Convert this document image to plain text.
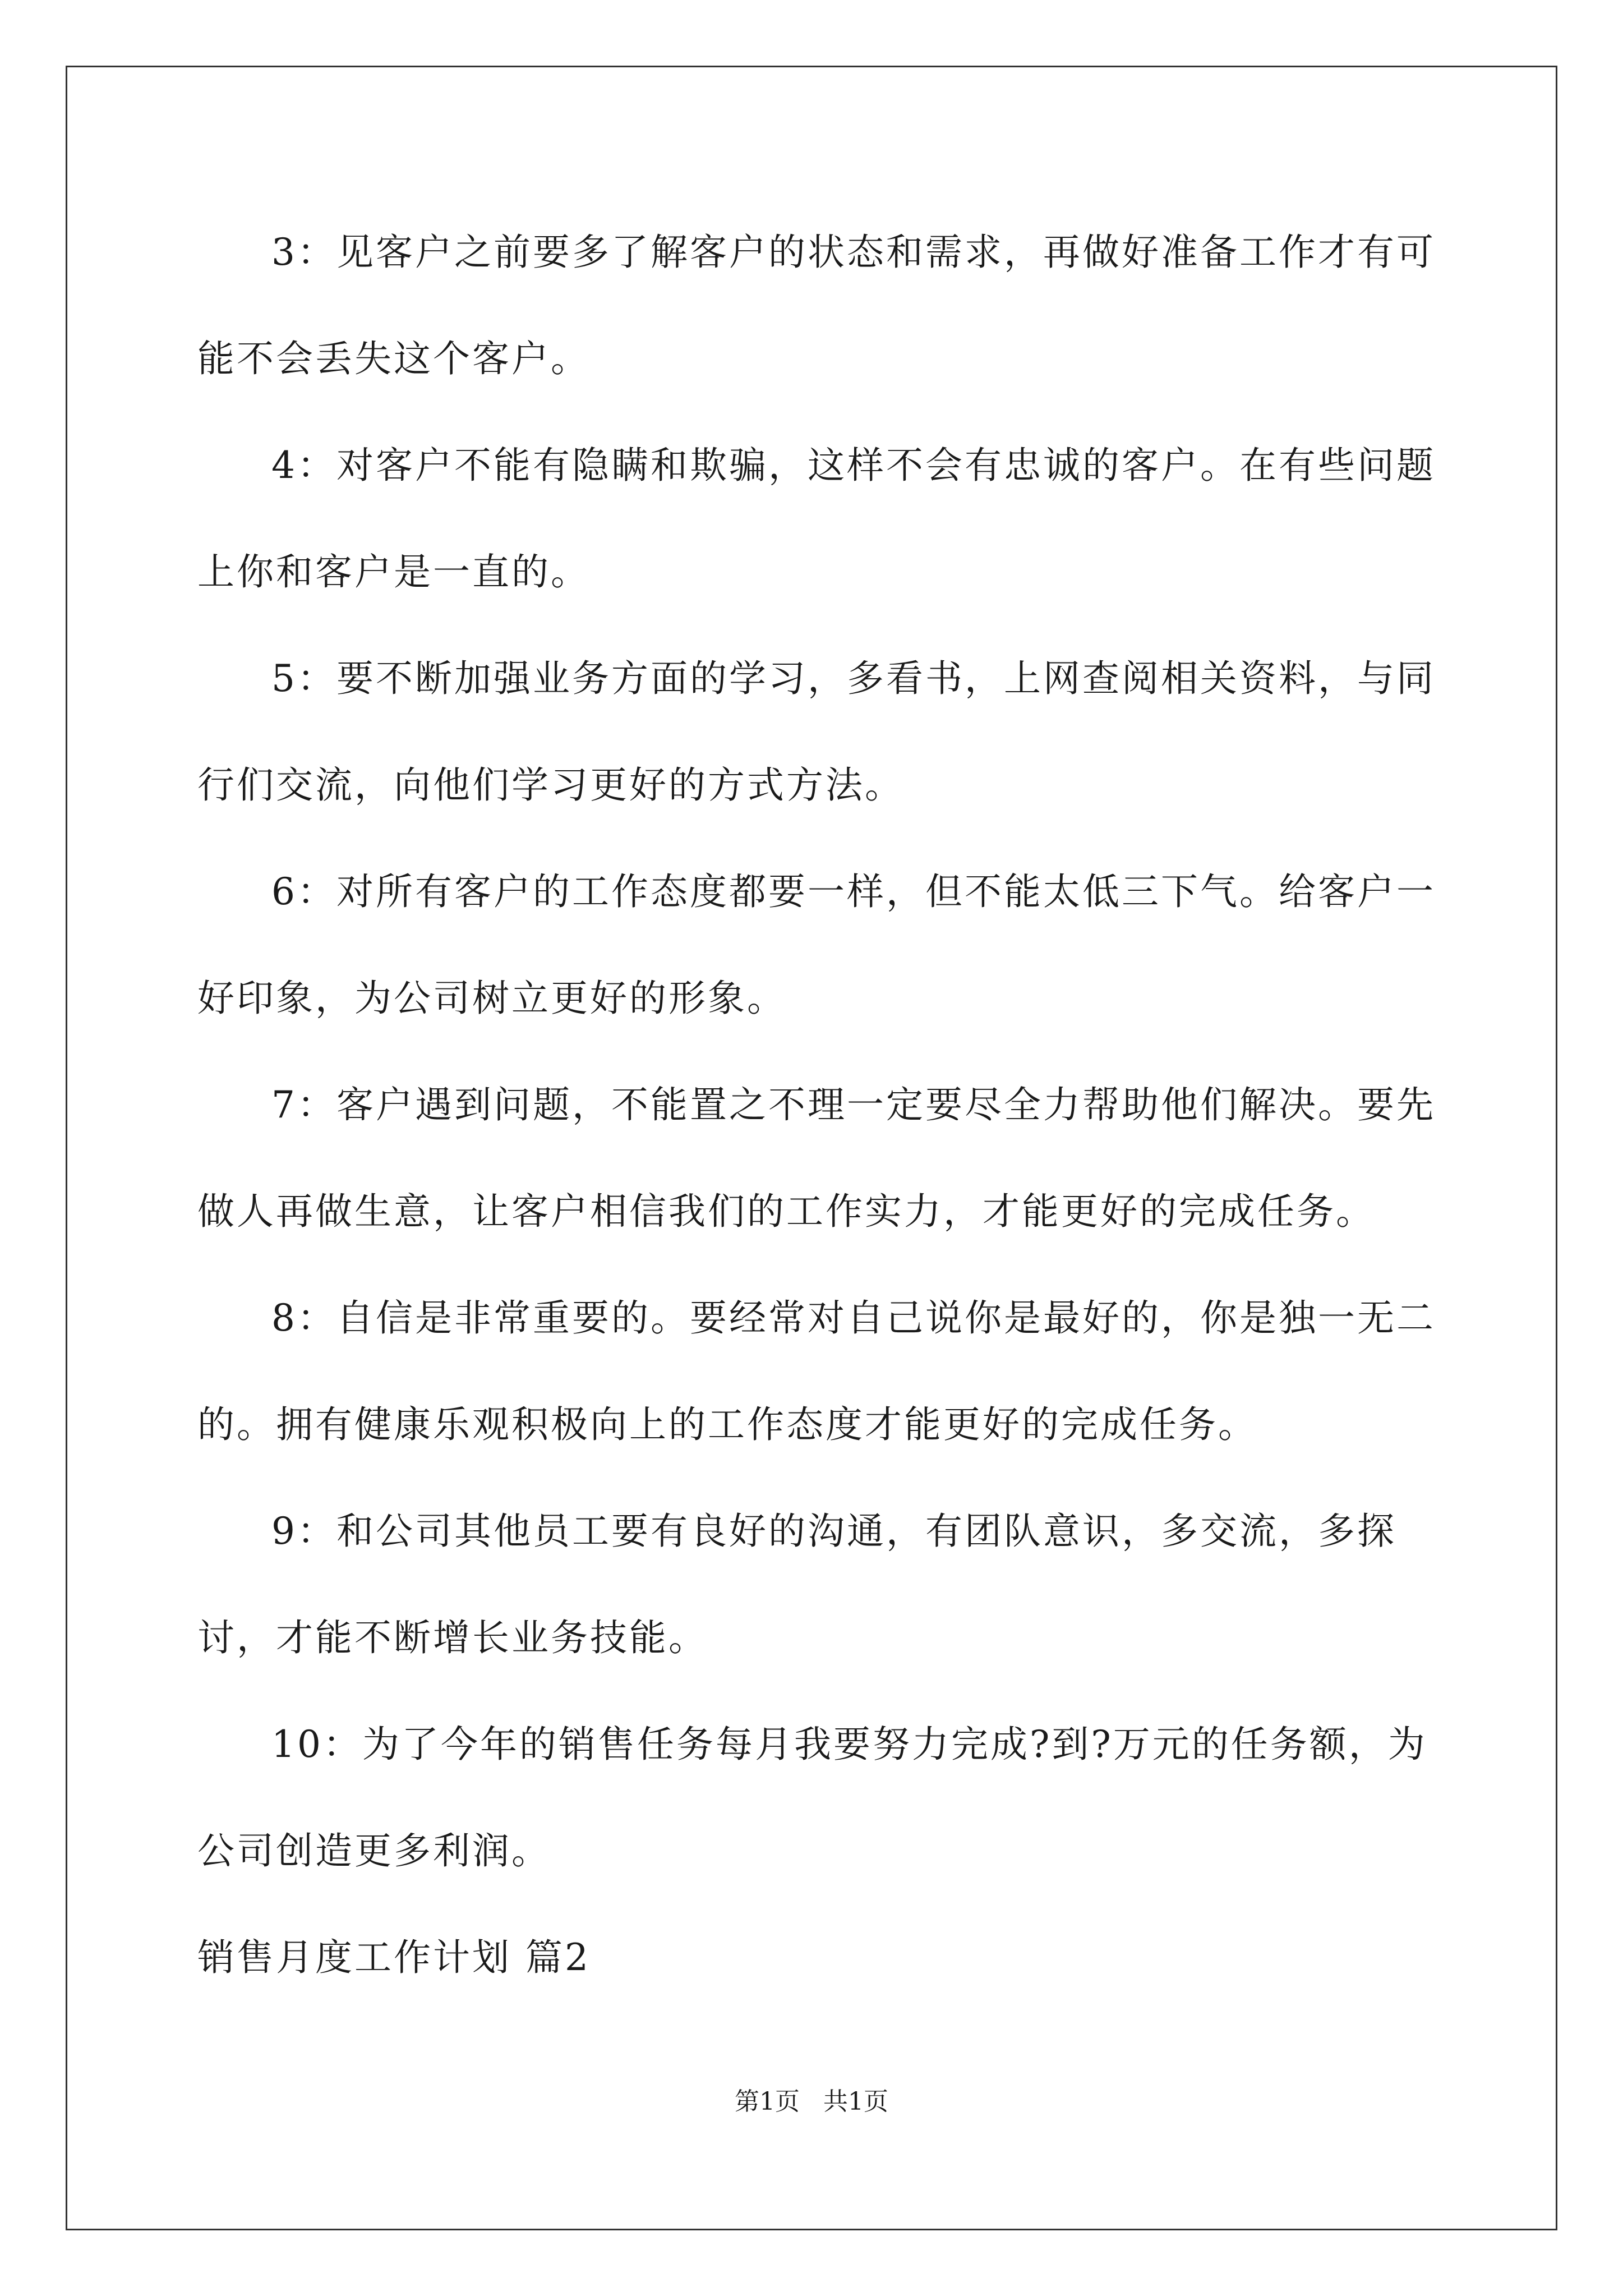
3：见客户之前要多了解客户的状态和需求，再做好准备工作才有可能不会丢失这个客户。

4：对客户不能有隐瞒和欺骗，这样不会有忠诚的客户。在有些问题上你和客户是一直的。

5：要不断加强业务方面的学习，多看书，上网查阅相关资料，与同行们交流，向他们学习更好的方式方法。

6：对所有客户的工作态度都要一样，但不能太低三下气。给客户一好印象，为公司树立更好的形象。

7：客户遇到问题，不能置之不理一定要尽全力帮助他们解决。要先做人再做生意，让客户相信我们的工作实力，才能更好的完成任务。

8：自信是非常重要的。要经常对自己说你是最好的，你是独一无二的。拥有健康乐观积极向上的工作态度才能更好的完成任务。

9：和公司其他员工要有良好的沟通，有团队意识，多交流，多探讨，才能不断增长业务技能。

10：为了今年的销售任务每月我要努力完成?到?万元的任务额，为公司创造更多利润。

销售月度工作计划 篇2

第1页 共1页
